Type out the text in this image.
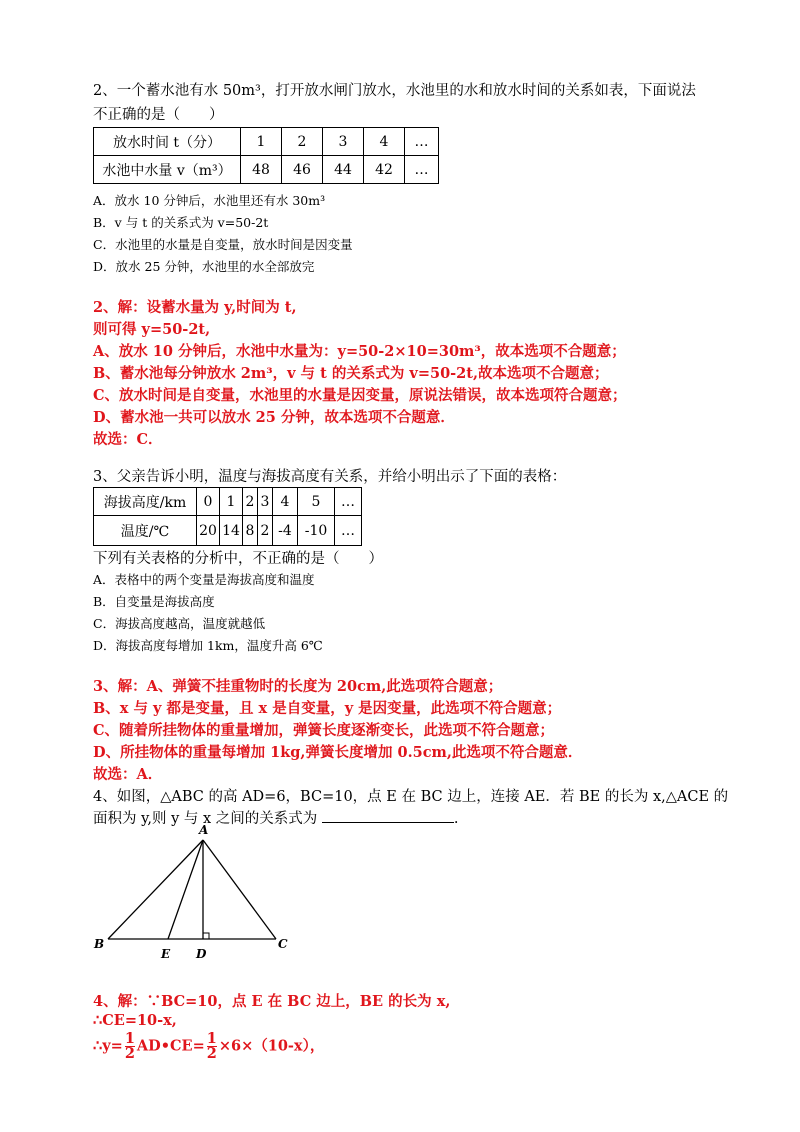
2、一个蓄水池有水 50m³，打开放水闸门放水，水池里的水和放水时间的关系如表，下面说法
不正确的是（　　）
放水时间 t（分）	1	2	3	4	…
水池中水量 v（m³）	48	46	44	42	…
A．放水 10 分钟后，水池里还有水 30m³
B．v 与 t 的关系式为 v=50-2t
C．水池里的水量是自变量，放水时间是因变量
D．放水 25 分钟，水池里的水全部放完
2、解：设蓄水量为 y,时间为 t,
则可得 y=50-2t,
A、放水 10 分钟后，水池中水量为：y=50-2×10=30m³，故本选项不合题意；
B、蓄水池每分钟放水 2m³，v 与 t 的关系式为 v=50-2t,故本选项不合题意；
C、放水时间是自变量，水池里的水量是因变量，原说法错误，故本选项符合题意；
D、蓄水池一共可以放水 25 分钟，故本选项不合题意．
故选：C．
3、父亲告诉小明，温度与海拔高度有关系，并给小明出示了下面的表格：
海拔高度/km	0	1	2	3	4	5	…
温度/℃	20	14	8	2	-4	-10	…
下列有关表格的分析中，不正确的是（　　）
A．表格中的两个变量是海拔高度和温度
B．自变量是海拔高度
C．海拔高度越高，温度就越低
D．海拔高度每增加 1km，温度升高 6℃
3、解：A、弹簧不挂重物时的长度为 20cm,此选项符合题意；
B、x 与 y 都是变量，且 x 是自变量，y 是因变量，此选项不符合题意；
C、随着所挂物体的重量增加，弹簧长度逐渐变长，此选项不符合题意；
D、所挂物体的重量每增加 1kg,弹簧长度增加 0.5cm,此选项不符合题意．
故选：A．
4、如图，△ABC 的高 AD=6，BC=10，点 E 在 BC 边上，连接 AE．若 BE 的长为 x,△ACE 的
面积为 y,则 y 与 x 之间的关系式为	.
A
B	C
D
E
4、解：∵BC=10，点 E 在 BC 边上，BE 的长为 x,
∴CE=10-x,
∴y= $\frac{1}{2}$ AD•CE= $\frac{1}{2} \times 6\times(10-x)$，
